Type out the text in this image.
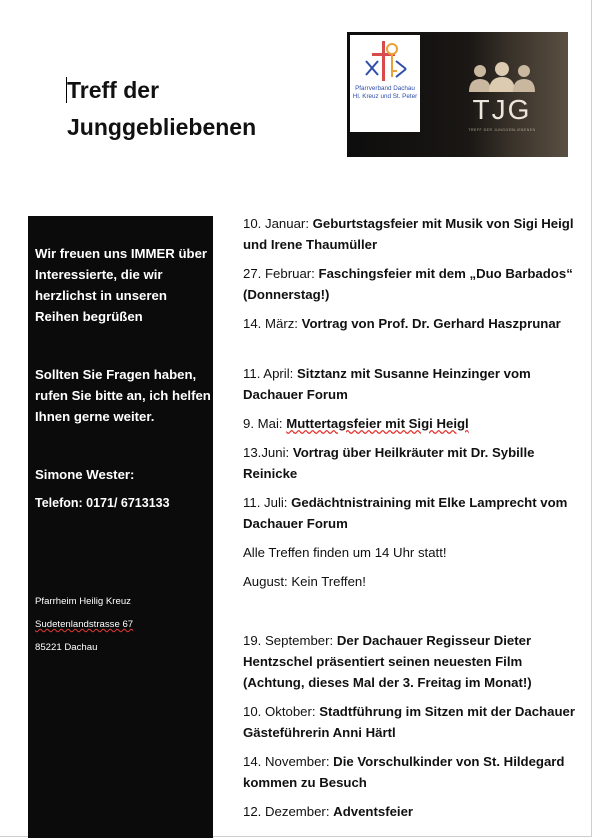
Treff der
Junggebliebenen
Pfarrverband Dachau
Hl. Kreuz und St. Peter	TJG
TREFF DER JUNGGEBLIEBENEN

Wir freuen uns IMMER über Interessierte, die wir herzlichst in unseren Reihen begrüßen

Sollten Sie Fragen haben, rufen Sie bitte an, ich helfen Ihnen gerne weiter.

Simone Wester:

Telefon: 0171/ 6713133

Pfarrheim Heilig Kreuz

Sudetenlandstrasse 67

85221 Dachau

10. Januar: Geburtstagsfeier mit Musik von Sigi Heigl und Irene Thaumüller

27. Februar: Faschingsfeier mit dem „Duo Barbados“ (Donnerstag!)

14. März: Vortrag von Prof. Dr. Gerhard Haszprunar

11. April: Sitztanz mit Susanne Heinzinger vom Dachauer Forum

9. Mai: Muttertagsfeier mit Sigi Heigl

13.Juni: Vortrag über Heilkräuter mit Dr. Sybille Reinicke

11. Juli: Gedächtnistraining mit Elke Lamprecht vom Dachauer Forum

Alle Treffen finden um 14 Uhr statt!

August: Kein Treffen!

19. September: Der Dachauer Regisseur Dieter Hentzschel präsentiert seinen neuesten Film (Achtung, dieses Mal der 3. Freitag im Monat!)

10. Oktober: Stadtführung im Sitzen mit der Dachauer Gästeführerin Anni Härtl

14. November: Die Vorschulkinder von St. Hildegard kommen zu Besuch

12. Dezember: Adventsfeier
